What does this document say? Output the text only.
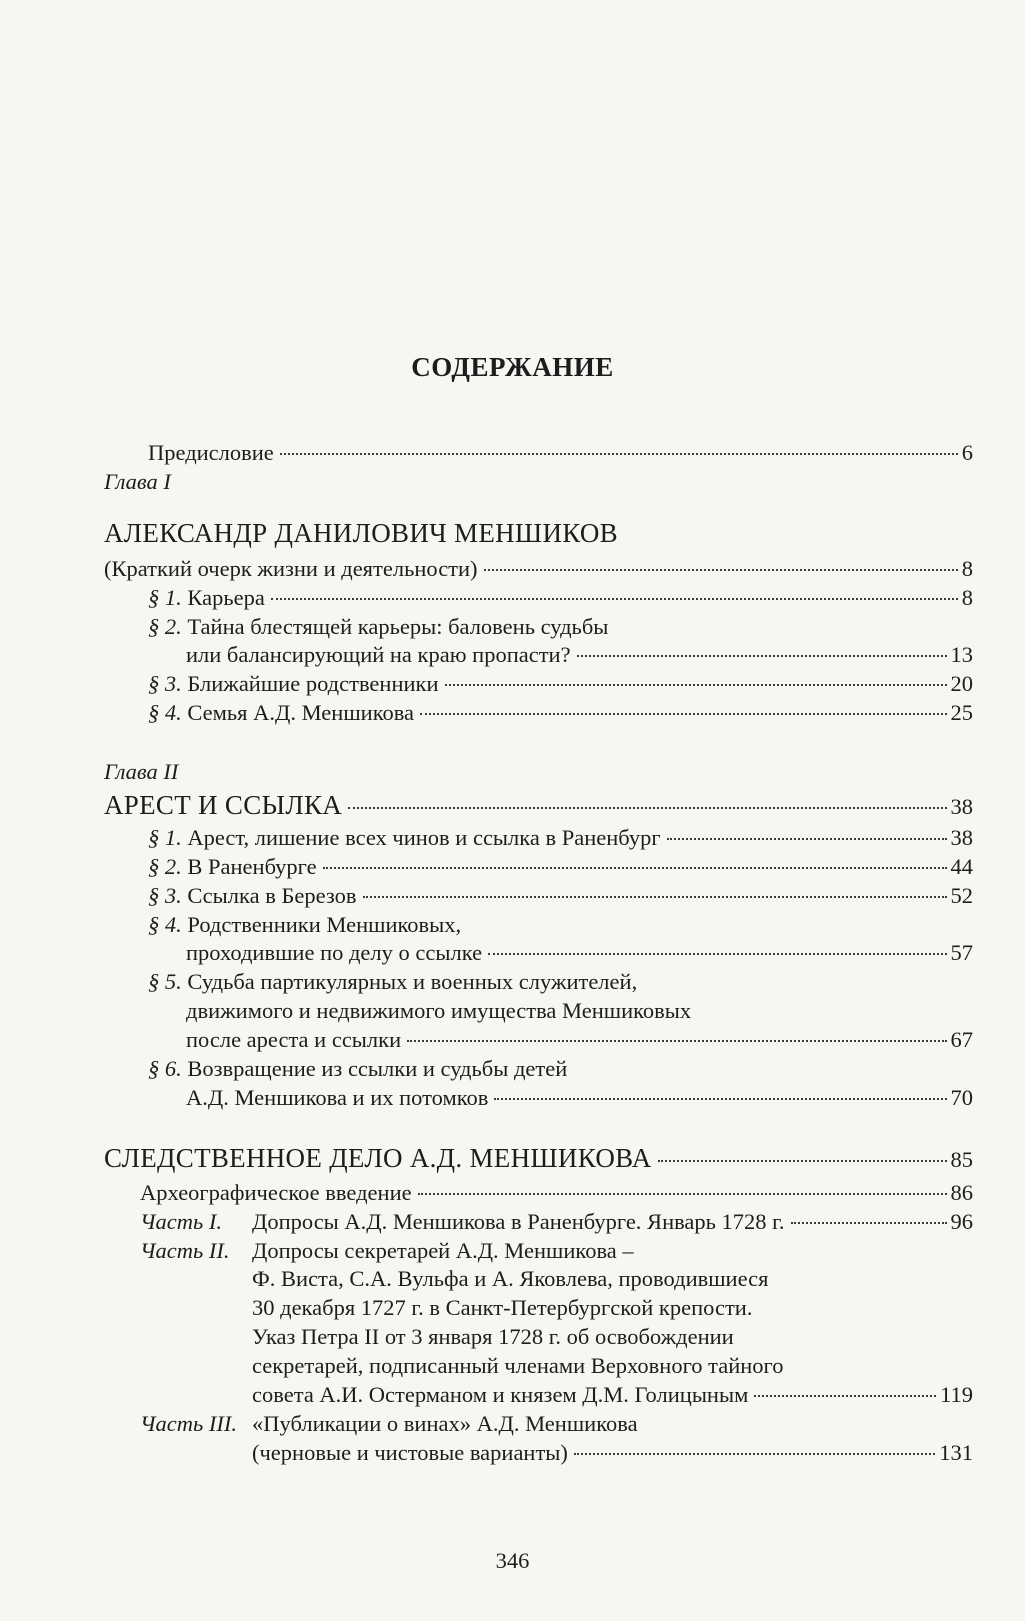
СОДЕРЖАНИЕ
Предисловие	6
Глава I
АЛЕКСАНДР ДАНИЛОВИЧ МЕНШИКОВ
(Краткий очерк жизни и деятельности)	8
§ 1. Карьера	8
§ 2. Тайна блестящей карьеры: баловень судьбы
или балансирующий на краю пропасти?	13
§ 3. Ближайшие родственники	20
§ 4. Семья А.Д. Меншикова	25
Глава II
АРЕСТ И ССЫЛКА	38
§ 1. Арест, лишение всех чинов и ссылка в Раненбург	38
§ 2. В Раненбурге	44
§ 3. Ссылка в Березов	52
§ 4. Родственники Меншиковых,
проходившие по делу о ссылке	57
§ 5. Судьба партикулярных и военных служителей,
движимого и недвижимого имущества Меншиковых
после ареста и ссылки	67
§ 6. Возвращение из ссылки и судьбы детей
А.Д. Меншикова и их потомков	70
СЛЕДСТВЕННОЕ ДЕЛО А.Д. МЕНШИКОВА	85
Археографическое введение	86
Часть I. Допросы А.Д. Меншикова в Раненбурге. Январь 1728 г.	96
Часть II. Допросы секретарей А.Д. Меншикова –
Ф. Виста, С.А. Вульфа и А. Яковлева, проводившиеся
30 декабря 1727 г. в Санкт-Петербургской крепости.
Указ Петра II от 3 января 1728 г. об освобождении
секретарей, подписанный членами Верховного тайного
совета А.И. Остерманом и князем Д.М. Голицыным	119
Часть III. «Публикации о винах» А.Д. Меншикова
(черновые и чистовые варианты)	131
346
